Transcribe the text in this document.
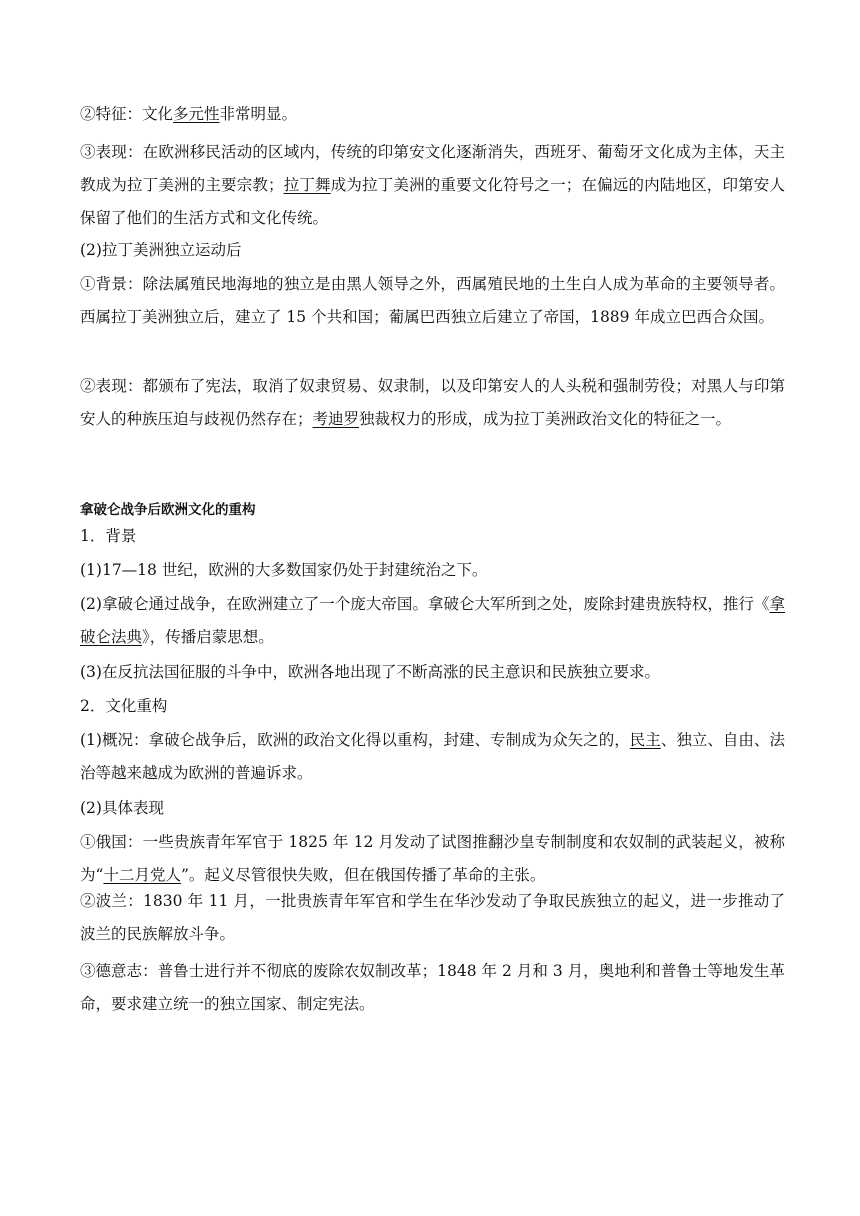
②特征：文化多元性非常明显。

③表现：在欧洲移民活动的区域内，传统的印第安文化逐渐消失，西班牙、葡萄牙文化成为主体，天主教成为拉丁美洲的主要宗教；拉丁舞成为拉丁美洲的重要文化符号之一；在偏远的内陆地区，印第安人保留了他们的生活方式和文化传统。

(2)拉丁美洲独立运动后

①背景：除法属殖民地海地的独立是由黑人领导之外，西属殖民地的土生白人成为革命的主要领导者。西属拉丁美洲独立后，建立了 15 个共和国；葡属巴西独立后建立了帝国，1889 年成立巴西合众国。

②表现：都颁布了宪法，取消了奴隶贸易、奴隶制，以及印第安人的人头税和强制劳役；对黑人与印第安人的种族压迫与歧视仍然存在；考迪罗独裁权力的形成，成为拉丁美洲政治文化的特征之一。

拿破仑战争后欧洲文化的重构

1．背景

(1)17—18 世纪，欧洲的大多数国家仍处于封建统治之下。

(2)拿破仑通过战争，在欧洲建立了一个庞大帝国。拿破仑大军所到之处，废除封建贵族特权，推行《拿破仑法典》，传播启蒙思想。

(3)在反抗法国征服的斗争中，欧洲各地出现了不断高涨的民主意识和民族独立要求。

2．文化重构

(1)概况：拿破仑战争后，欧洲的政治文化得以重构，封建、专制成为众矢之的，民主、独立、自由、法治等越来越成为欧洲的普遍诉求。

(2)具体表现

①俄国：一些贵族青年军官于 1825 年 12 月发动了试图推翻沙皇专制制度和农奴制的武装起义，被称为“十二月党人”。起义尽管很快失败，但在俄国传播了革命的主张。

②波兰：1830 年 11 月，一批贵族青年军官和学生在华沙发动了争取民族独立的起义，进一步推动了波兰的民族解放斗争。

③德意志：普鲁士进行并不彻底的废除农奴制改革；1848 年 2 月和 3 月，奥地利和普鲁士等地发生革命，要求建立统一的独立国家、制定宪法。
